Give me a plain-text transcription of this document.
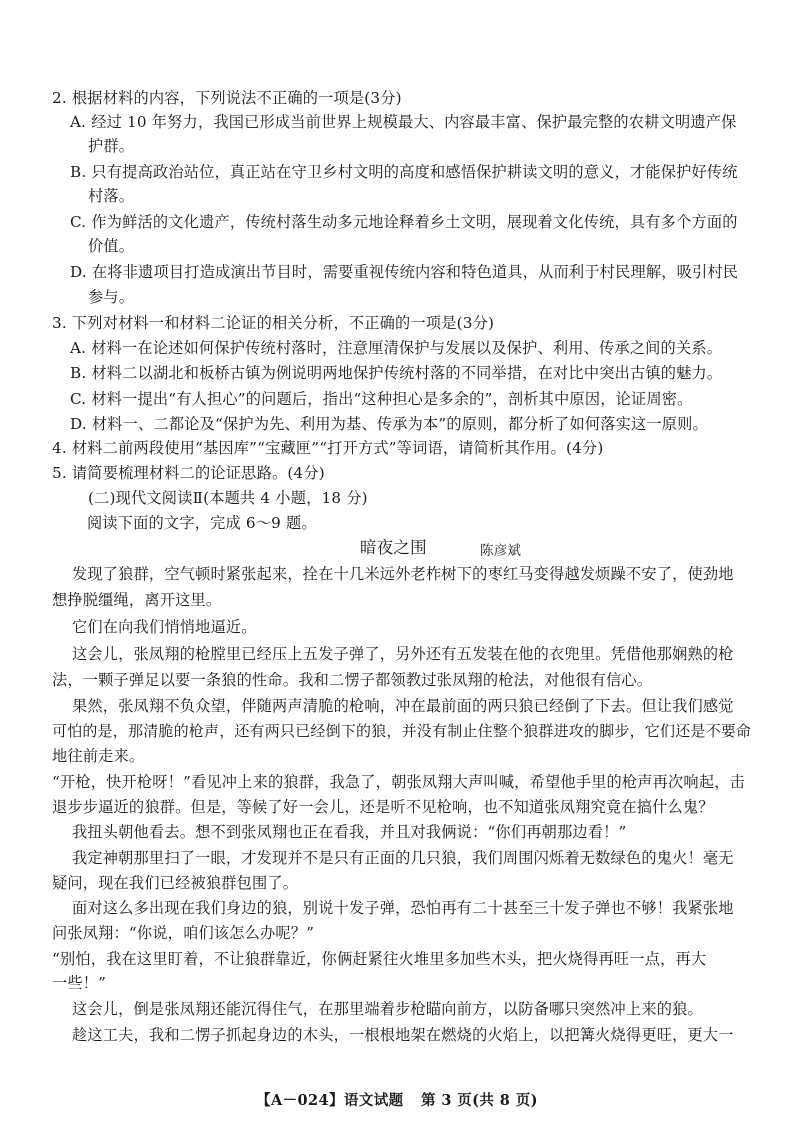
2. 根据材料的内容，下列说法不正确的一项是(3分)
A. 经过 10 年努力，我国已形成当前世界上规模最大、内容最丰富、保护最完整的农耕文明遗产保
护群。
B. 只有提高政治站位，真正站在守卫乡村文明的高度和感悟保护耕读文明的意义，才能保护好传统
村落。
C. 作为鲜活的文化遗产，传统村落生动多元地诠释着乡土文明，展现着文化传统，具有多个方面的
价值。
D. 在将非遗项目打造成演出节目时，需要重视传统内容和特色道具，从而利于村民理解，吸引村民
参与。
3. 下列对材料一和材料二论证的相关分析，不正确的一项是(3分)
A. 材料一在论述如何保护传统村落时，注意厘清保护与发展以及保护、利用、传承之间的关系。
B. 材料二以湖北和板桥古镇为例说明两地保护传统村落的不同举措，在对比中突出古镇的魅力。
C. 材料一提出“有人担心”的问题后，指出“这种担心是多余的”，剖析其中原因，论证周密。
D. 材料一、二都论及“保护为先、利用为基、传承为本”的原则，都分析了如何落实这一原则。
4. 材料二前两段使用“基因库”“宝藏匣”“打开方式”等词语，请简析其作用。(4分)
5. 请简要梳理材料二的论证思路。(4分)
(二)现代文阅读Ⅱ(本题共 4 小题，18 分)
阅读下面的文字，完成 6～9 题。
暗夜之围	陈彦斌
发现了狼群，空气顿时紧张起来，拴在十几米远外老柞树下的枣红马变得越发烦躁不安了，使劲地
想挣脱缰绳，离开这里。
它们在向我们悄悄地逼近。
这会儿，张凤翔的枪膛里已经压上五发子弹了，另外还有五发装在他的衣兜里。凭借他那娴熟的枪
法，一颗子弹足以要一条狼的性命。我和二愣子都领教过张凤翔的枪法，对他很有信心。
果然，张凤翔不负众望，伴随两声清脆的枪响，冲在最前面的两只狼已经倒了下去。但让我们感觉
可怕的是，那清脆的枪声，还有两只已经倒下的狼，并没有制止住整个狼群进攻的脚步，它们还是不要命
地往前走来。
“开枪，快开枪呀！”看见冲上来的狼群，我急了，朝张凤翔大声叫喊，希望他手里的枪声再次响起，击
退步步逼近的狼群。但是，等候了好一会儿，还是听不见枪响，也不知道张凤翔究竟在搞什么鬼？
我扭头朝他看去。想不到张凤翔也正在看我，并且对我俩说：“你们再朝那边看！”
我定神朝那里扫了一眼，才发现并不是只有正面的几只狼，我们周围闪烁着无数绿色的鬼火！毫无
疑问，现在我们已经被狼群包围了。
面对这么多出现在我们身边的狼，别说十发子弹，恐怕再有二十甚至三十发子弹也不够！我紧张地
问张凤翔：“你说，咱们该怎么办呢？”
“别怕，我在这里盯着，不让狼群靠近，你俩赶紧往火堆里多加些木头，把火烧得再旺一点，再大
一些！”
这会儿，倒是张凤翔还能沉得住气，在那里端着步枪瞄向前方，以防备哪只突然冲上来的狼。
趁这工夫，我和二愣子抓起身边的木头，一根根地架在燃烧的火焰上，以把篝火烧得更旺，更大一
【A－024】语文试题 第 3 页(共 8 页)
